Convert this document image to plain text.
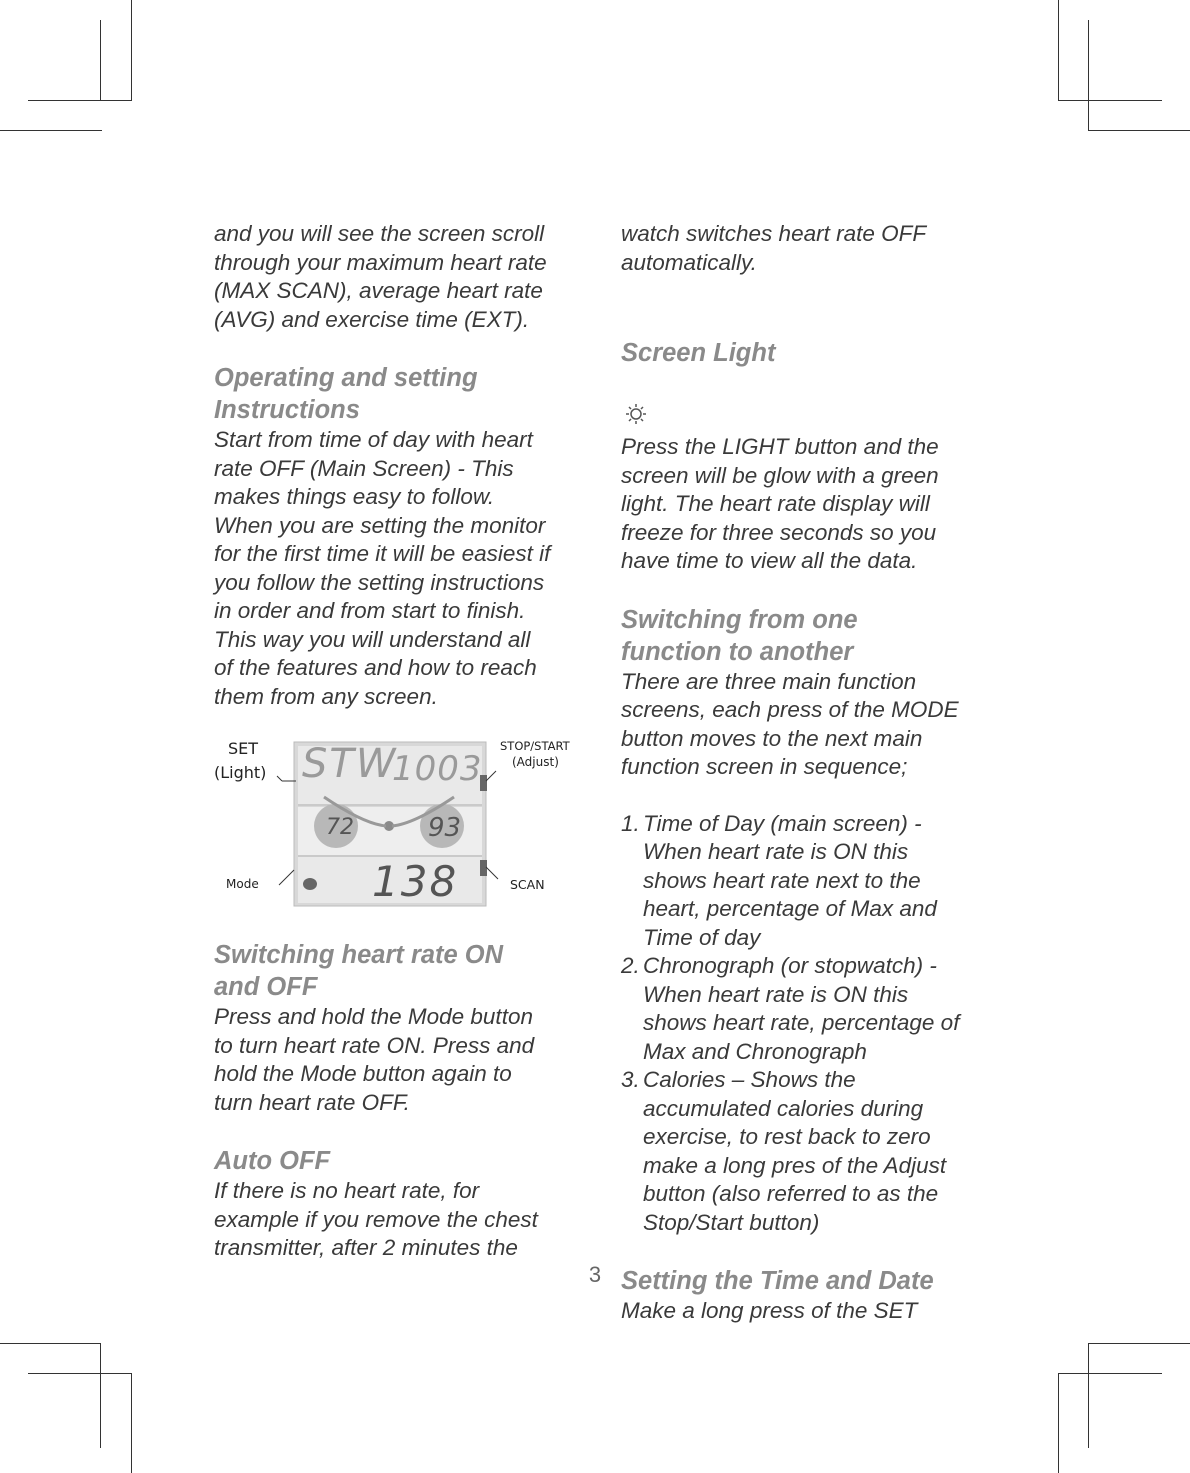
and you will see the screen scroll
through your maximum heart rate
(MAX SCAN), average heart rate
(AVG) and exercise time (EXT).

Operating and setting
Instructions

Start from time of day with heart
rate OFF (Main Screen) - This
makes things easy to follow.
When you are setting the monitor
for the first time it will be easiest if
you follow the setting instructions
in order and from start to finish.
This way you will understand all
of the features and how to reach
them from any screen.

SET
(Light)
STOP/START
(Adjust)
Mode	SCAN
STW
1003
72	93
138
Switching heart rate ON
and OFF

Press and hold the Mode button
to turn heart rate ON. Press and
hold the Mode button again to
turn heart rate OFF.

Auto OFF

If there is no heart rate, for
example if you remove the chest
transmitter, after 2 minutes the

watch switches heart rate OFF
automatically.

Screen Light

Press the LIGHT button and the
screen will be glow with a green
light. The heart rate display will
freeze for three seconds so you
have time to view all the data.

Switching from one
function to another

There are three main function
screens, each press of the MODE
button moves to the next main
function screen in sequence;

1. Time of Day (main screen) -
When heart rate is ON this
shows heart rate next to the
heart, percentage of Max and
Time of day
2. Chronograph (or stopwatch) -
When heart rate is ON this
shows heart rate, percentage of
Max and Chronograph
3. Calories – Shows the
accumulated calories during
exercise, to rest back to zero
make a long pres of the Adjust
button (also referred to as the
Stop/Start button)
Setting the Time and Date

Make a long press of the SET

3
